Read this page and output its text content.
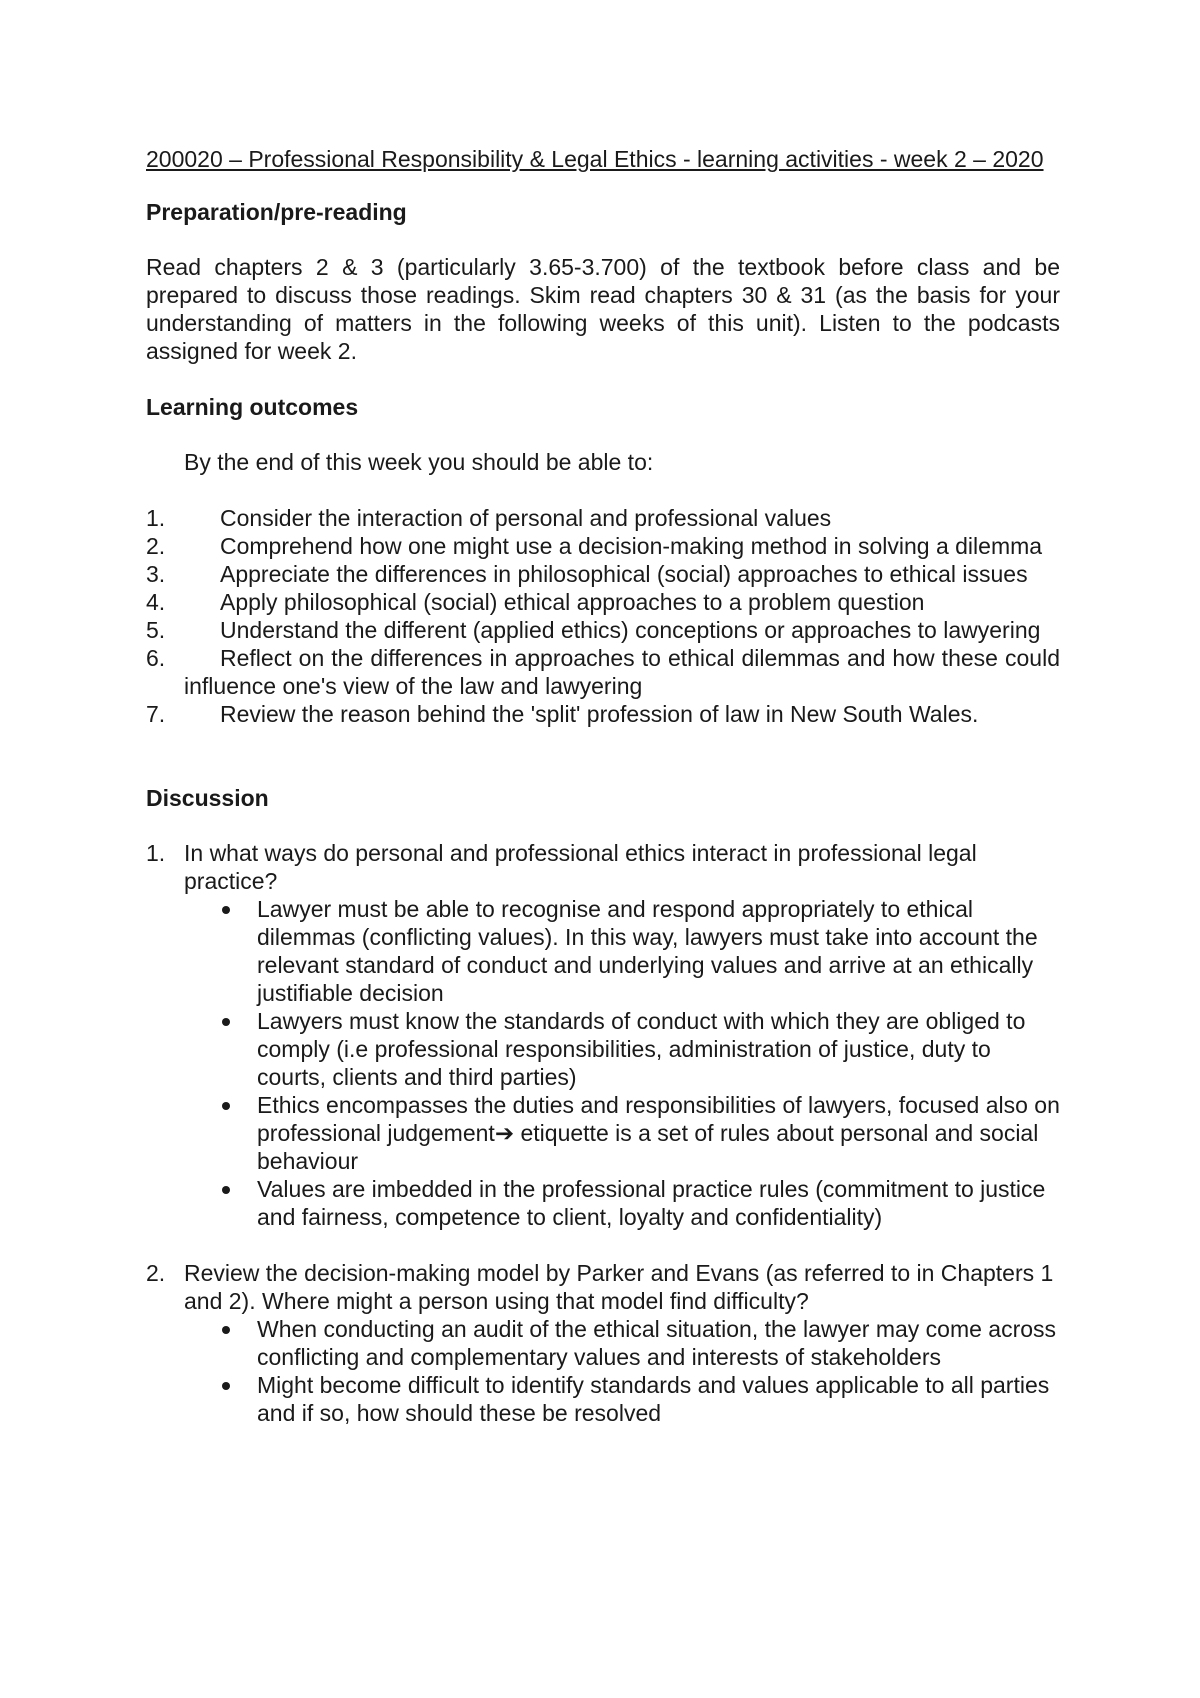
200020 – Professional Responsibility & Legal Ethics - learning activities - week 2 – 2020
Preparation/pre-reading
Read chapters 2 & 3 (particularly 3.65-3.700) of the textbook before class and be prepared to discuss those readings. Skim read chapters 30 & 31 (as the basis for your understanding of matters in the following weeks of this unit). Listen to the podcasts assigned for week 2.
Learning outcomes
By the end of this week you should be able to:
1.	Consider the interaction of personal and professional values
2.	Comprehend how one might use a decision-making method in solving a dilemma
3.	Appreciate the differences in philosophical (social) approaches to ethical issues
4.	Apply philosophical (social) ethical approaches to a problem question
5.	Understand the different (applied ethics) conceptions or approaches to lawyering
6.	Reflect on the differences in approaches to ethical dilemmas and how these could influence one's view of the law and lawyering
7.	Review the reason behind the 'split' profession of law in New South Wales.
Discussion
1. In what ways do personal and professional ethics interact in professional legal practice?
Lawyer must be able to recognise and respond appropriately to ethical dilemmas (conflicting values). In this way, lawyers must take into account the relevant standard of conduct and underlying values and arrive at an ethically justifiable decision
Lawyers must know the standards of conduct with which they are obliged to comply (i.e professional responsibilities, administration of justice, duty to courts, clients and third parties)
Ethics encompasses the duties and responsibilities of lawyers, focused also on professional judgement➔ etiquette is a set of rules about personal and social behaviour
Values are imbedded in the professional practice rules (commitment to justice and fairness, competence to client, loyalty and confidentiality)
2. Review the decision-making model by Parker and Evans (as referred to in Chapters 1 and 2). Where might a person using that model find difficulty?
When conducting an audit of the ethical situation, the lawyer may come across conflicting and complementary values and interests of stakeholders
Might become difficult to identify standards and values applicable to all parties and if so, how should these be resolved
